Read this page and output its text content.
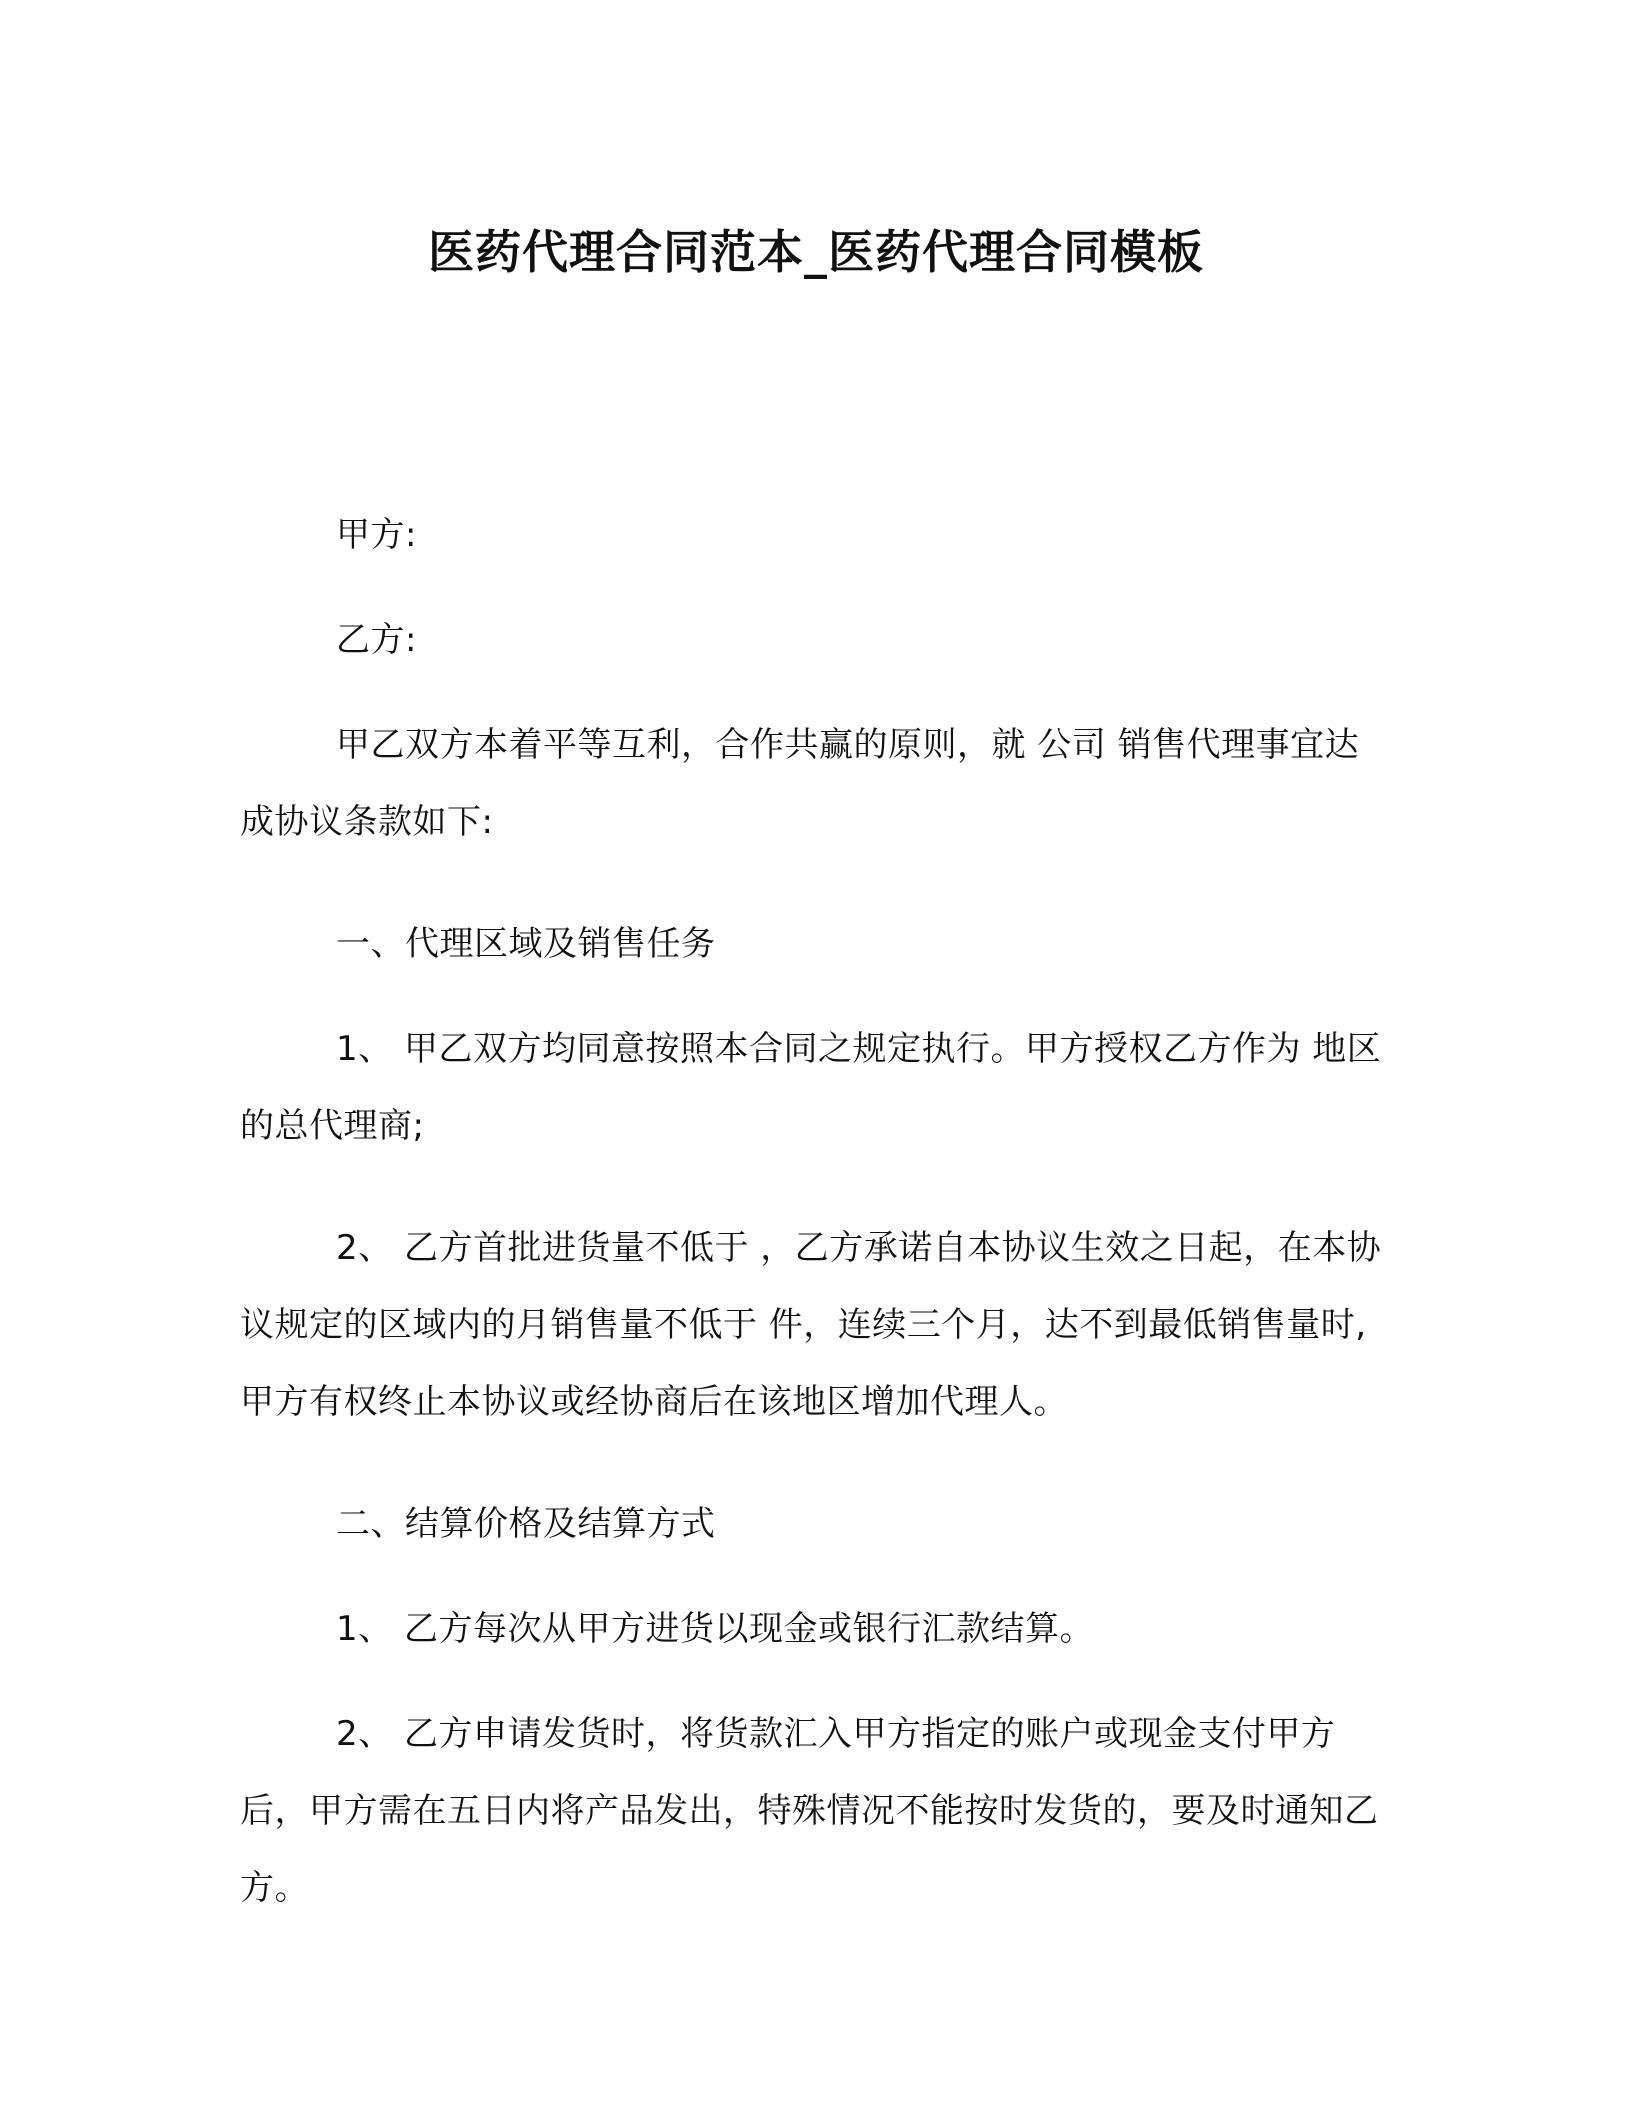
医药代理合同范本_医药代理合同模板

甲方:

乙方:

甲乙双方本着平等互利，合作共赢的原则，就 公司 销售代理事宜达成协议条款如下:

一、代理区域及销售任务

1、 甲乙双方均同意按照本合同之规定执行。甲方授权乙方作为 地区的总代理商;

2、 乙方首批进货量不低于 ，乙方承诺自本协议生效之日起，在本协议规定的区域内的月销售量不低于 件，连续三个月，达不到最低销售量时,甲方有权终止本协议或经协商后在该地区增加代理人。

二、结算价格及结算方式

1、 乙方每次从甲方进货以现金或银行汇款结算。

2、 乙方申请发货时，将货款汇入甲方指定的账户或现金支付甲方后，甲方需在五日内将产品发出，特殊情况不能按时发货的，要及时通知乙方。
